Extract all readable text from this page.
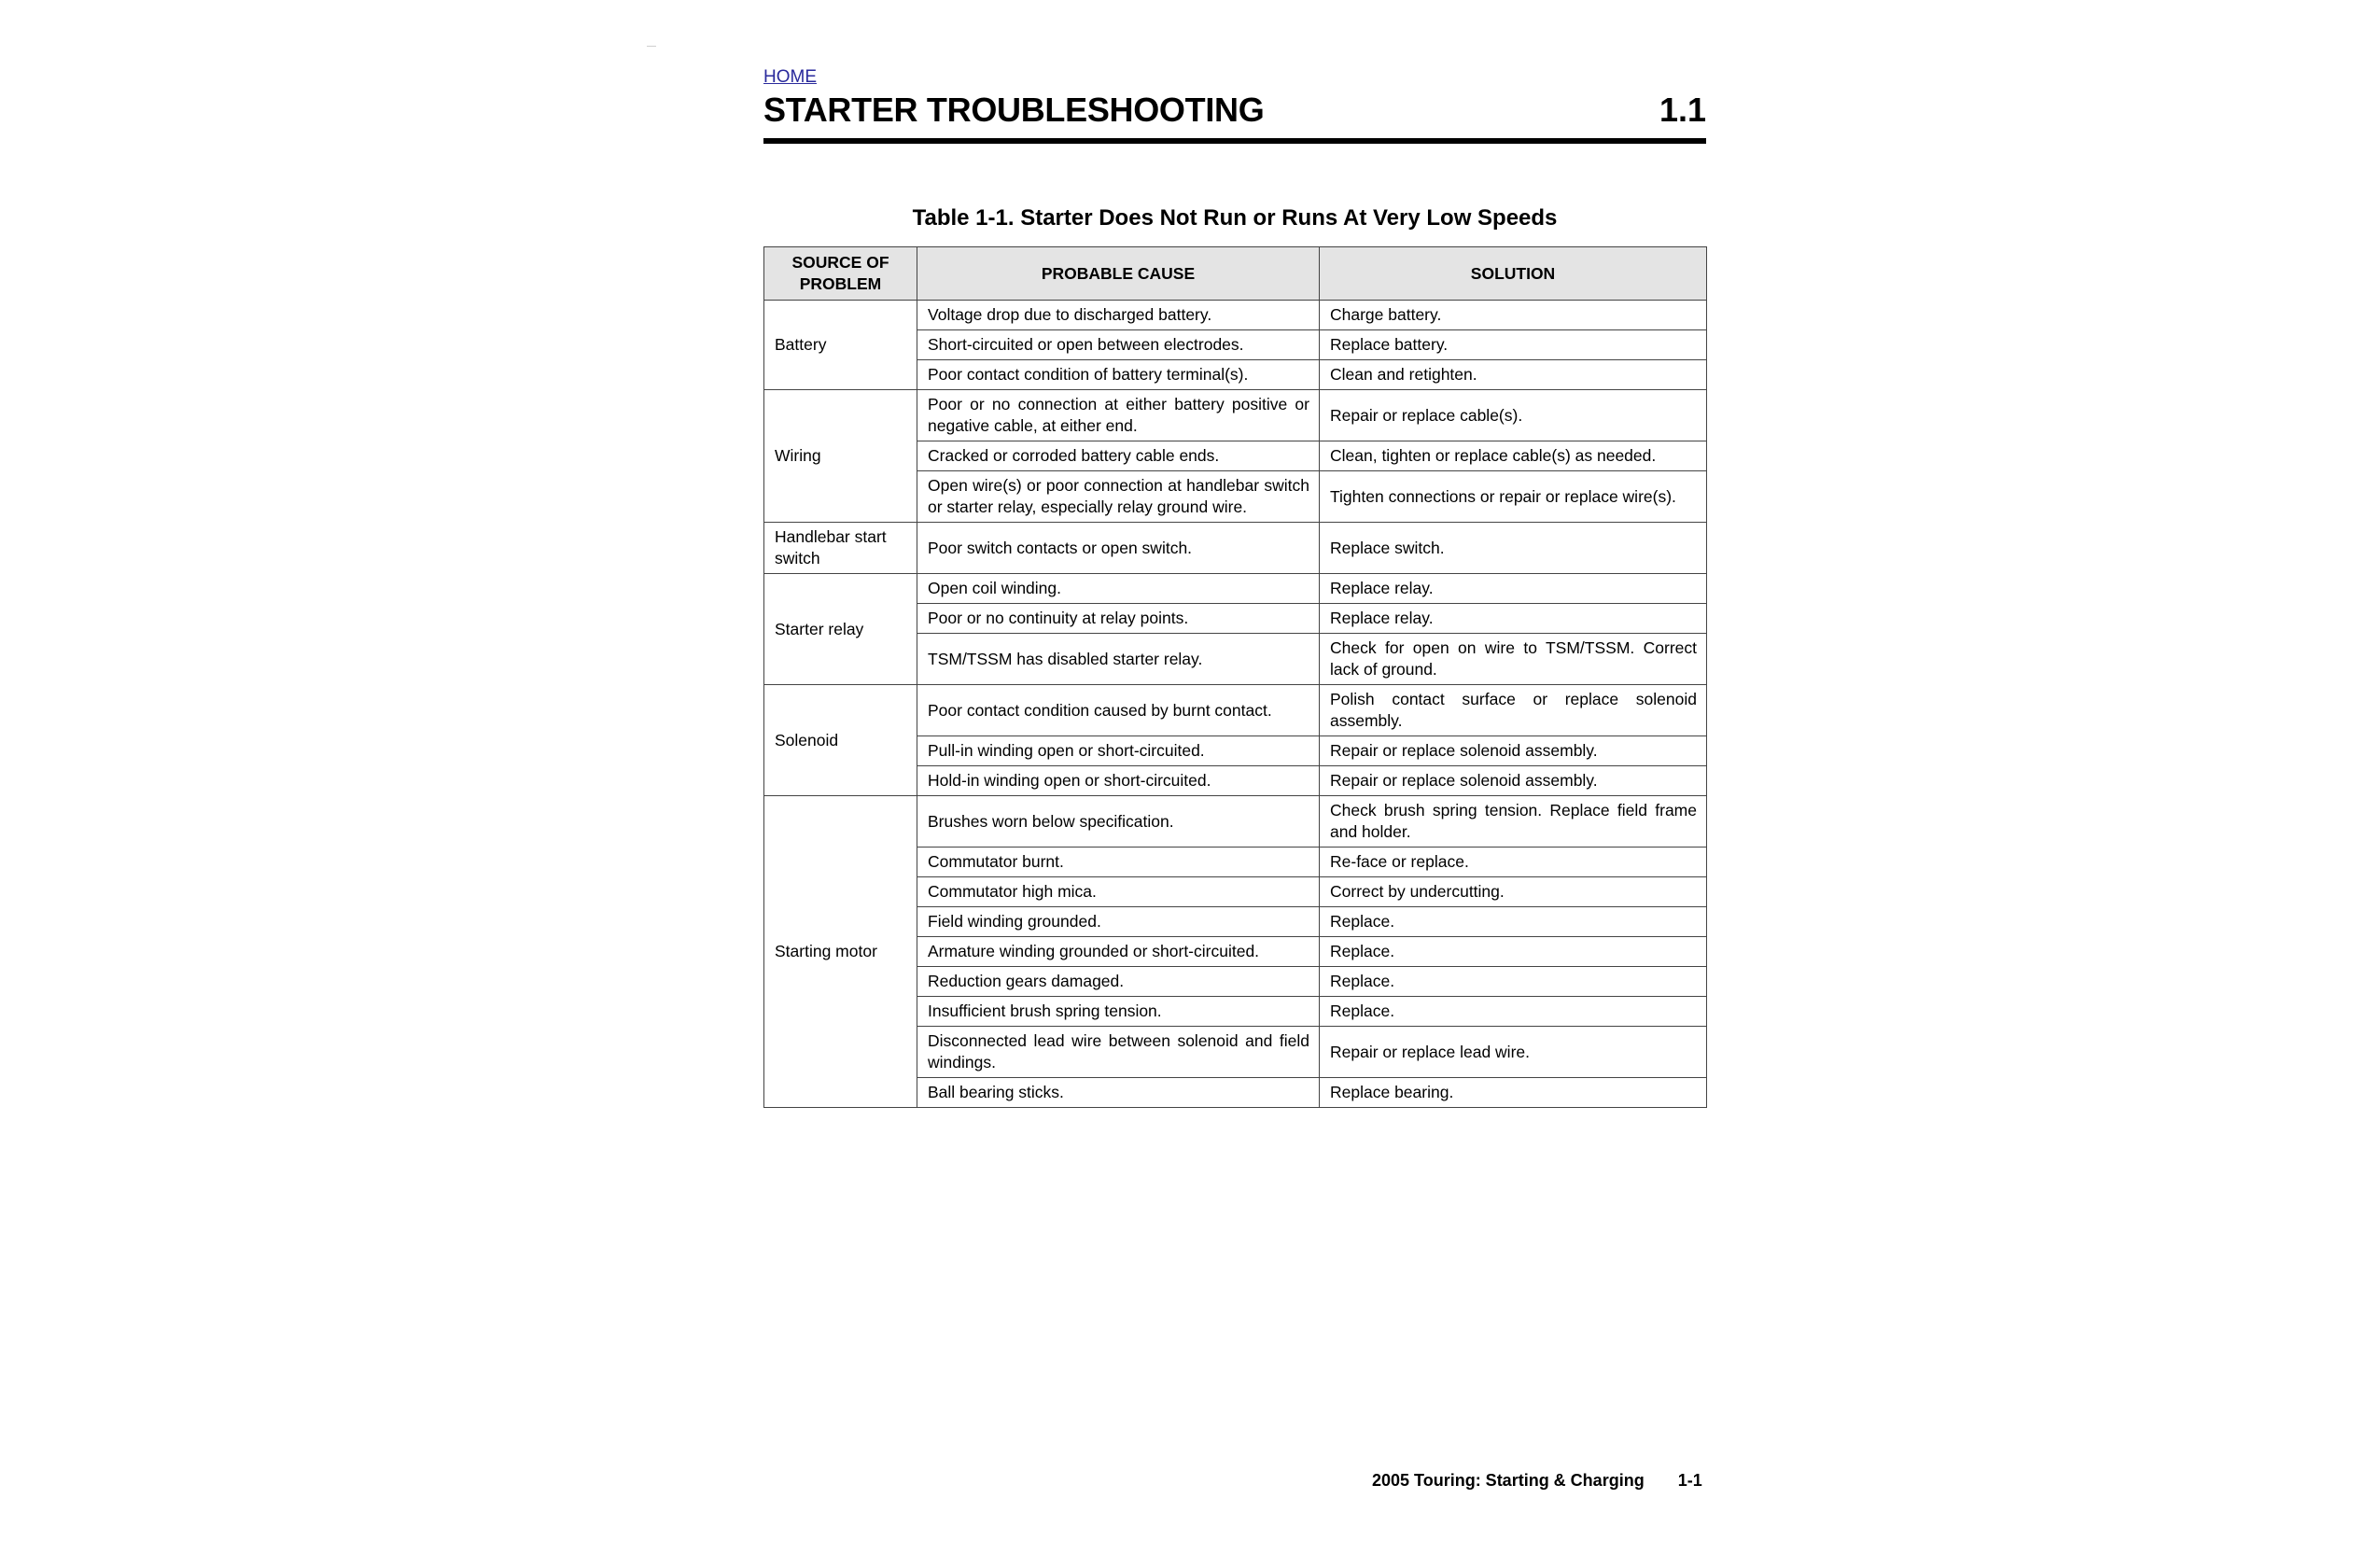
HOME
STARTER TROUBLESHOOTING	1.1
Table 1-1. Starter Does Not Run or Runs At Very Low Speeds
SOURCE OF PROBLEM	PROBABLE CAUSE	SOLUTION
Battery	Voltage drop due to discharged battery.	Charge battery.
	Short-circuited or open between electrodes.	Replace battery.
	Poor contact condition of battery terminal(s).	Clean and retighten.
Wiring	Poor or no connection at either battery positive or negative cable, at either end.	Repair or replace cable(s).
	Cracked or corroded battery cable ends.	Clean, tighten or replace cable(s) as needed.
	Open wire(s) or poor connection at handlebar switch or starter relay, especially relay ground wire.	Tighten connections or repair or replace wire(s).
Handlebar start switch	Poor switch contacts or open switch.	Replace switch.
Starter relay	Open coil winding.	Replace relay.
	Poor or no continuity at relay points.	Replace relay.
	TSM/TSSM has disabled starter relay.	Check for open on wire to TSM/TSSM. Correct lack of ground.
Solenoid	Poor contact condition caused by burnt contact.	Polish contact surface or replace solenoid assembly.
	Pull-in winding open or short-circuited.	Repair or replace solenoid assembly.
	Hold-in winding open or short-circuited.	Repair or replace solenoid assembly.
Starting motor	Brushes worn below specification.	Check brush spring tension. Replace field frame and holder.
	Commutator burnt.	Re-face or replace.
	Commutator high mica.	Correct by undercutting.
	Field winding grounded.	Replace.
	Armature winding grounded or short-circuited.	Replace.
	Reduction gears damaged.	Replace.
	Insufficient brush spring tension.	Replace.
	Disconnected lead wire between solenoid and field windings.	Repair or replace lead wire.
	Ball bearing sticks.	Replace bearing.
2005 Touring: Starting & Charging 1-1
